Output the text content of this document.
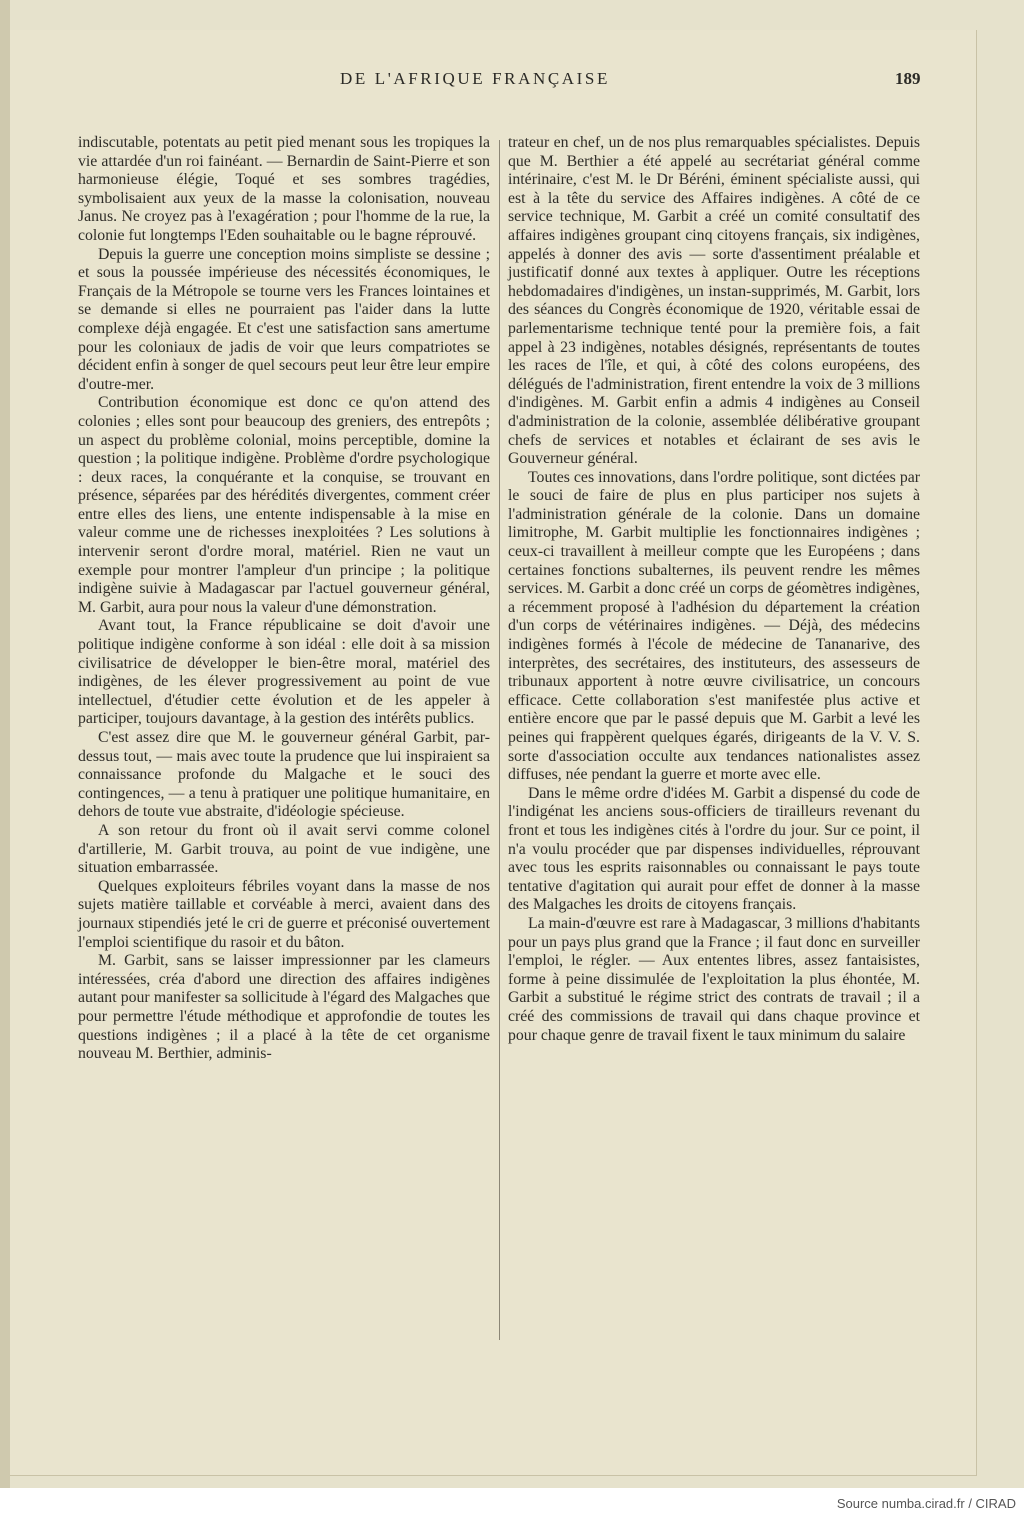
DE L'AFRIQUE FRANÇAISE	189

indiscutable, potentats au petit pied menant sous les tropiques la vie attardée d'un roi fainéant. — Bernardin de Saint-Pierre et son harmonieuse élégie, Toqué et ses sombres tragédies, symbolisaient aux yeux de la masse la colonisation, nouveau Janus. Ne croyez pas à l'exagération ; pour l'homme de la rue, la colonie fut longtemps l'Eden souhaitable ou le bagne réprouvé.

Depuis la guerre une conception moins simpliste se dessine ; et sous la poussée impérieuse des nécessités économiques, le Français de la Métropole se tourne vers les Frances lointaines et se demande si elles ne pourraient pas l'aider dans la lutte complexe déjà engagée. Et c'est une satisfaction sans amertume pour les coloniaux de jadis de voir que leurs compatriotes se décident enfin à songer de quel secours peut leur être leur empire d'outre-mer.

Contribution économique est donc ce qu'on attend des colonies ; elles sont pour beaucoup des greniers, des entrepôts ; un aspect du problème colonial, moins perceptible, domine la question ; la politique indigène. Problème d'ordre psychologique : deux races, la conquérante et la conquise, se trouvant en présence, séparées par des hérédités divergentes, comment créer entre elles des liens, une entente indispensable à la mise en valeur comme une de richesses inexploitées ? Les solutions à intervenir seront d'ordre moral, matériel. Rien ne vaut un exemple pour montrer l'ampleur d'un principe ; la politique indigène suivie à Madagascar par l'actuel gouverneur général, M. Garbit, aura pour nous la valeur d'une démonstration.

Avant tout, la France républicaine se doit d'avoir une politique indigène conforme à son idéal : elle doit à sa mission civilisatrice de développer le bien-être moral, matériel des indigènes, de les élever progressivement au point de vue intellectuel, d'étudier cette évolution et de les appeler à participer, toujours davantage, à la gestion des intérêts publics.

C'est assez dire que M. le gouverneur général Garbit, par-dessus tout, — mais avec toute la prudence que lui inspiraient sa connaissance profonde du Malgache et le souci des contingences, — a tenu à pratiquer une politique humanitaire, en dehors de toute vue abstraite, d'idéologie spécieuse.

A son retour du front où il avait servi comme colonel d'artillerie, M. Garbit trouva, au point de vue indigène, une situation embarrassée.

Quelques exploiteurs fébriles voyant dans la masse de nos sujets matière taillable et corvéable à merci, avaient dans des journaux stipendiés jeté le cri de guerre et préconisé ouvertement l'emploi scientifique du rasoir et du bâton.

M. Garbit, sans se laisser impressionner par les clameurs intéressées, créa d'abord une direction des affaires indigènes autant pour manifester sa sollicitude à l'égard des Malgaches que pour permettre l'étude méthodique et approfondie de toutes les questions indigènes ; il a placé à la tête de cet organisme nouveau M. Berthier, adminis-

trateur en chef, un de nos plus remarquables spécialistes. Depuis que M. Berthier a été appelé au secrétariat général comme intérinaire, c'est M. le Dr Béréni, éminent spécialiste aussi, qui est à la tête du service des Affaires indigènes. A côté de ce service technique, M. Garbit a créé un comité consultatif des affaires indigènes groupant cinq citoyens français, six indigènes, appelés à donner des avis — sorte d'assentiment préalable et justificatif donné aux textes à appliquer. Outre les réceptions hebdomadaires d'indigènes, un instan-supprimés, M. Garbit, lors des séances du Congrès économique de 1920, véritable essai de parlementarisme technique tenté pour la première fois, a fait appel à 23 indigènes, notables désignés, représentants de toutes les races de l'île, et qui, à côté des colons européens, des délégués de l'administration, firent entendre la voix de 3 millions d'indigènes. M. Garbit enfin a admis 4 indigènes au Conseil d'administration de la colonie, assemblée délibérative groupant chefs de services et notables et éclairant de ses avis le Gouverneur général.

Toutes ces innovations, dans l'ordre politique, sont dictées par le souci de faire de plus en plus participer nos sujets à l'administration générale de la colonie. Dans un domaine limitrophe, M. Garbit multiplie les fonctionnaires indigènes ; ceux-ci travaillent à meilleur compte que les Européens ; dans certaines fonctions subalternes, ils peuvent rendre les mêmes services. M. Garbit a donc créé un corps de géomètres indigènes, a récemment proposé à l'adhésion du département la création d'un corps de vétérinaires indigènes. — Déjà, des médecins indigènes formés à l'école de médecine de Tananarive, des interprètes, des secrétaires, des instituteurs, des assesseurs de tribunaux apportent à notre œuvre civilisatrice, un concours efficace. Cette collaboration s'est manifestée plus active et entière encore que par le passé depuis que M. Garbit a levé les peines qui frappèrent quelques égarés, dirigeants de la V. V. S. sorte d'association occulte aux tendances nationalistes assez diffuses, née pendant la guerre et morte avec elle.

Dans le même ordre d'idées M. Garbit a dispensé du code de l'indigénat les anciens sous-officiers de tirailleurs revenant du front et tous les indigènes cités à l'ordre du jour. Sur ce point, il n'a voulu procéder que par dispenses individuelles, réprouvant avec tous les esprits raisonnables ou connaissant le pays toute tentative d'agitation qui aurait pour effet de donner à la masse des Malgaches les droits de citoyens français.

La main-d'œuvre est rare à Madagascar, 3 millions d'habitants pour un pays plus grand que la France ; il faut donc en surveiller l'emploi, le régler. — Aux ententes libres, assez fantaisistes, forme à peine dissimulée de l'exploitation la plus éhontée, M. Garbit a substitué le régime strict des contrats de travail ; il a créé des commissions de travail qui dans chaque province et pour chaque genre de travail fixent le taux minimum du salaire

Source numba.cirad.fr / CIRAD
